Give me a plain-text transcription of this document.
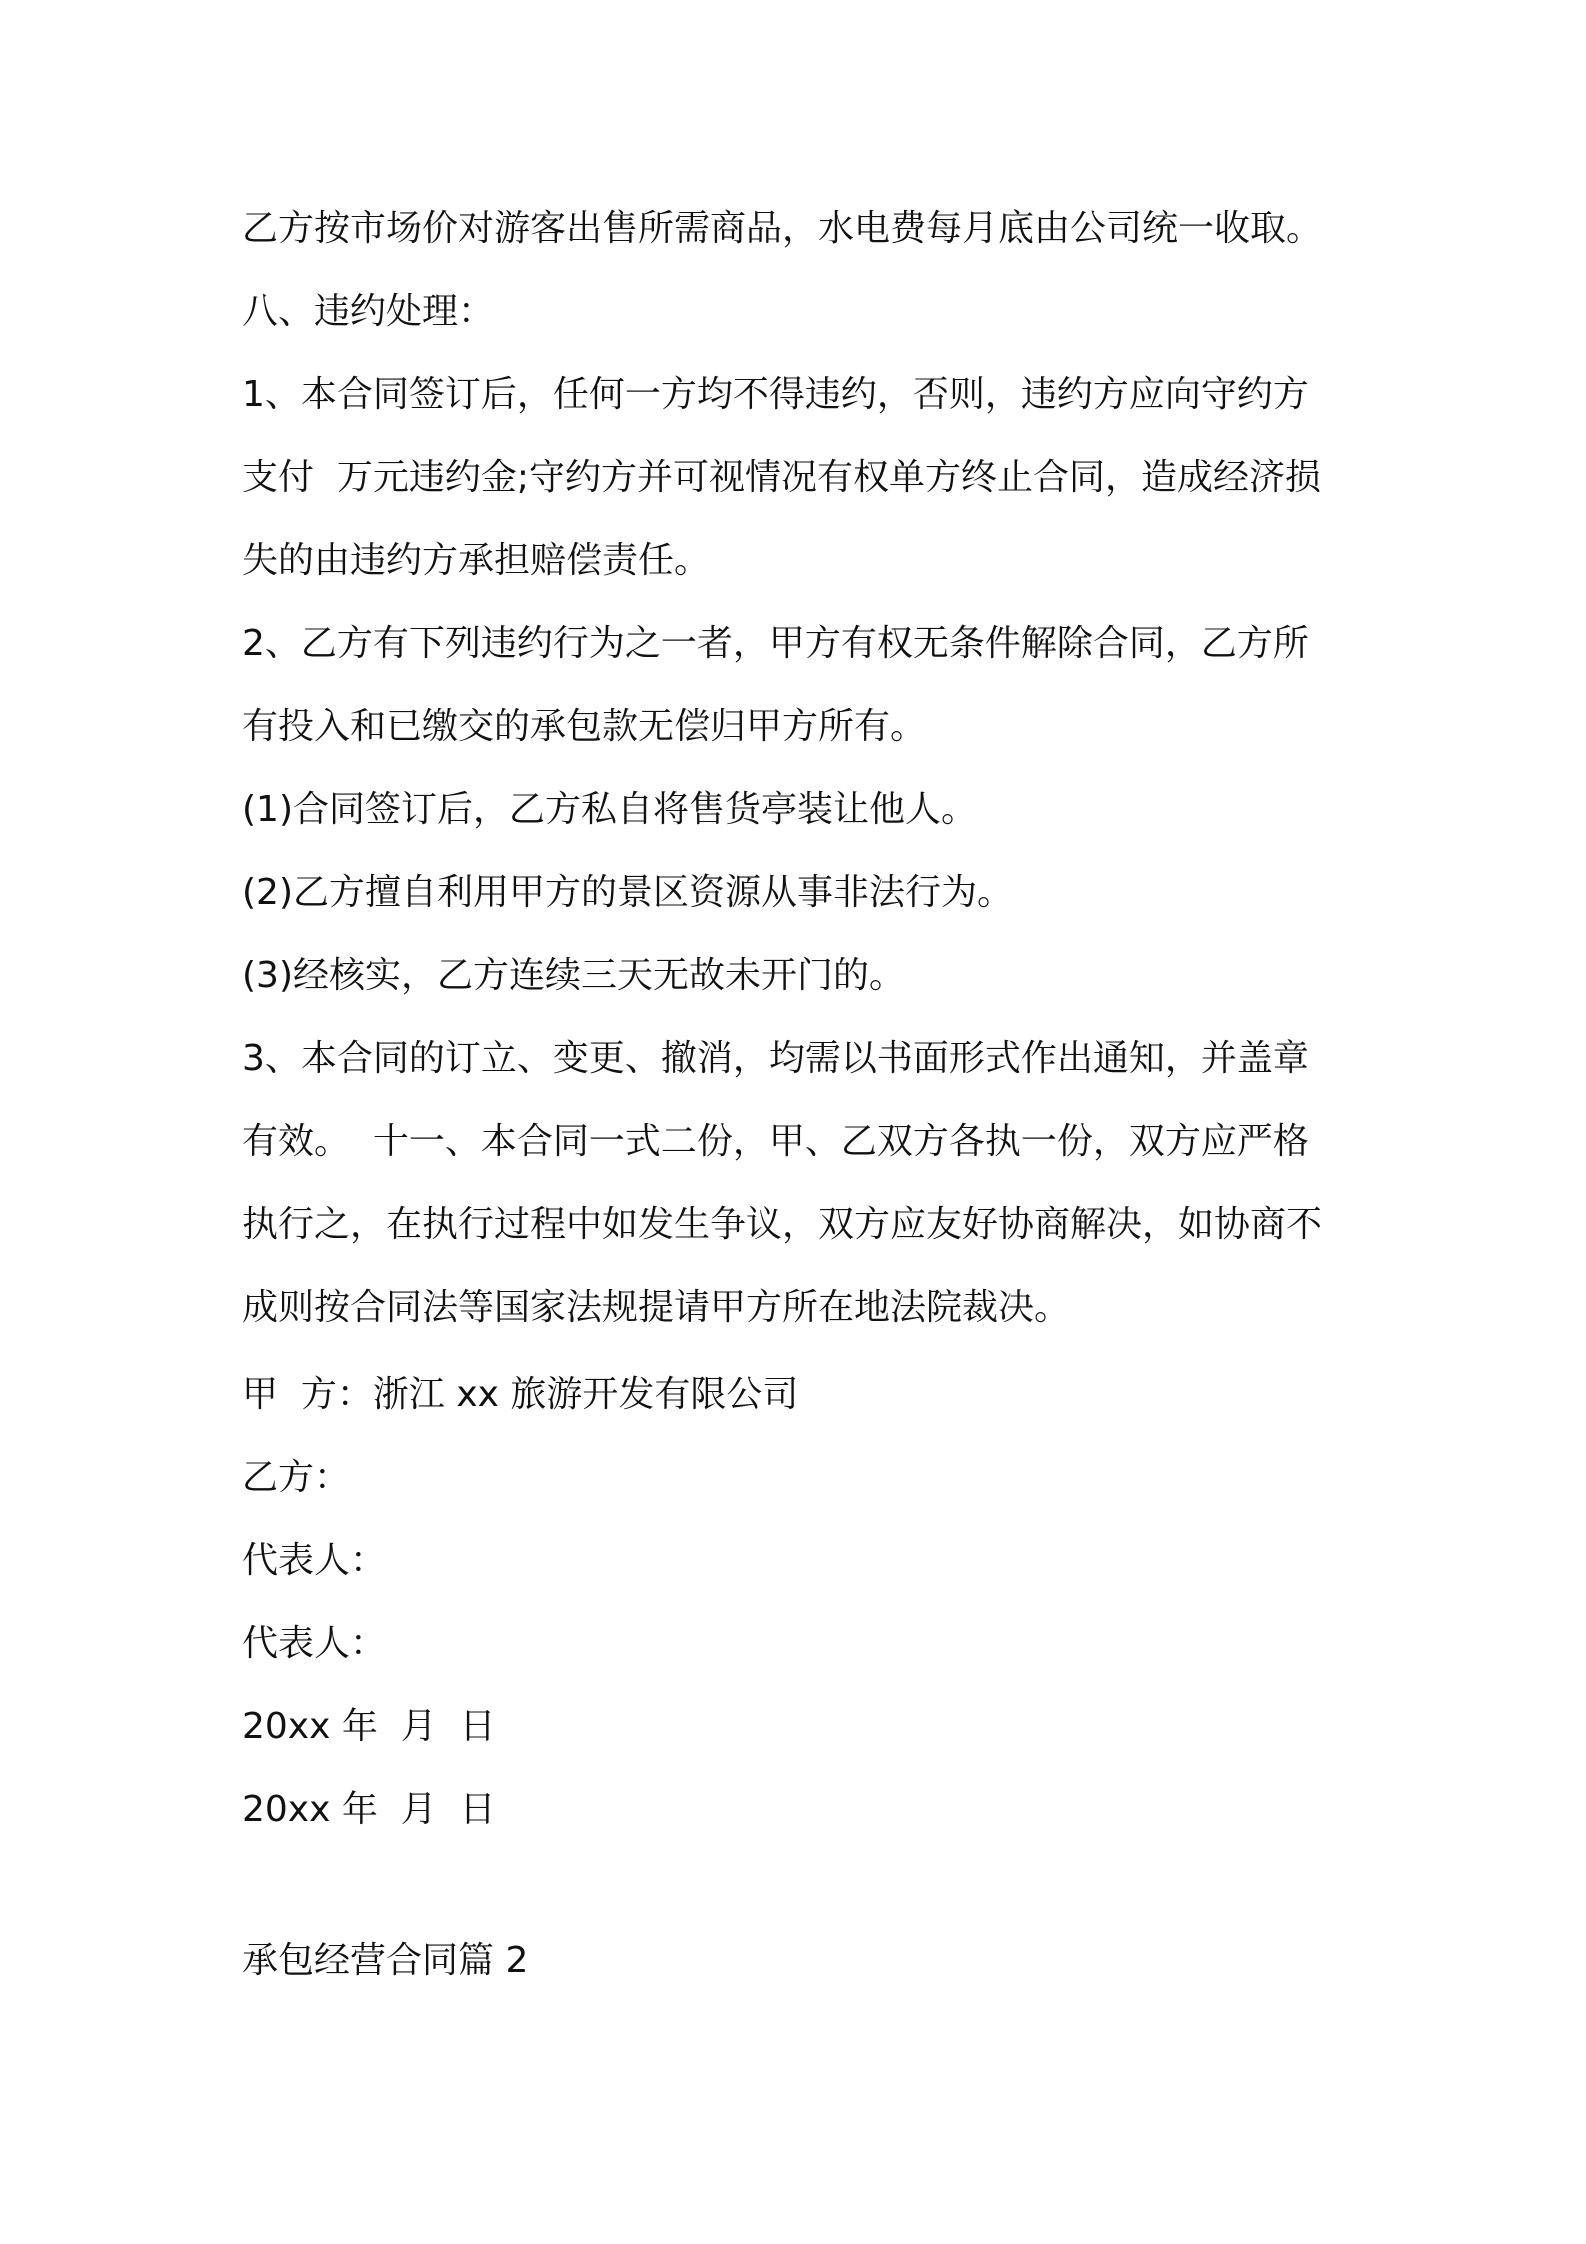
乙方按市场价对游客出售所需商品，水电费每月底由公司统一收取。
八、违约处理：
1、本合同签订后，任何一方均不得违约，否则，违约方应向守约方
支付  万元违约金;守约方并可视情况有权单方终止合同，造成经济损
失的由违约方承担赔偿责任。
2、乙方有下列违约行为之一者，甲方有权无条件解除合同，乙方所
有投入和已缴交的承包款无偿归甲方所有。
(1)合同签订后，乙方私自将售货亭装让他人。
(2)乙方擅自利用甲方的景区资源从事非法行为。
(3)经核实，乙方连续三天无故未开门的。
3、本合同的订立、变更、撤消，均需以书面形式作出通知，并盖章
有效。  十一、本合同一式二份，甲、乙双方各执一份，双方应严格
执行之，在执行过程中如发生争议，双方应友好协商解决，如协商不
成则按合同法等国家法规提请甲方所在地法院裁决。
甲  方：浙江 xx 旅游开发有限公司
乙方：
代表人：
代表人：
20xx 年  月  日
20xx 年  月  日
承包经营合同篇 2
